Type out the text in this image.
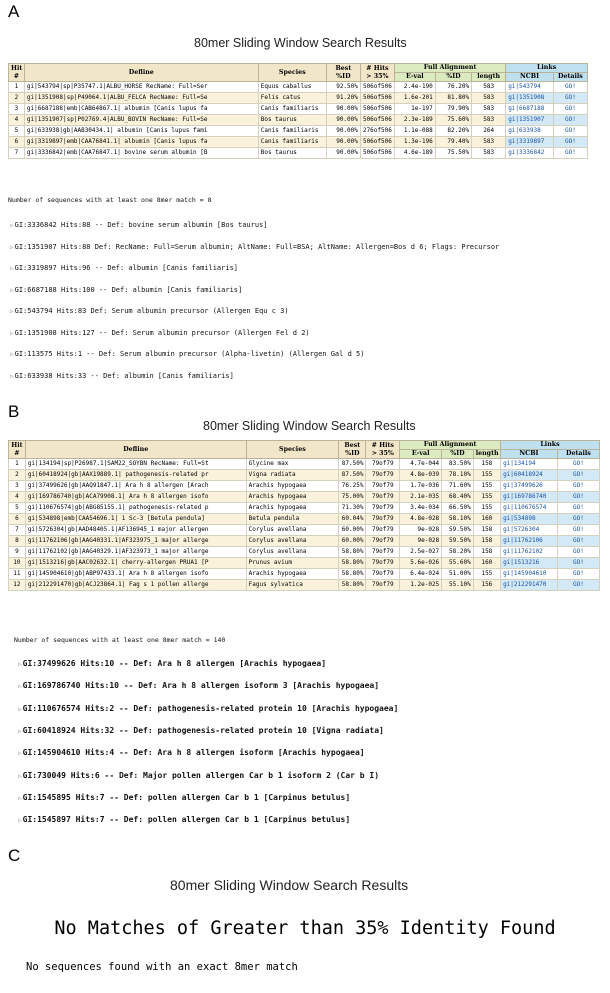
A
80mer Sliding Window Search Results
Hit #	Defline	Species	Best %ID	# Hits > 35%	Full Alignment			Links	
					E-val	%ID	length	NCBI	Details
1	gi|543794|sp|P35747.1|ALBU_HORSE RecName: Full=Ser	Equus caballus	92.50%	506of506	2.4e-190	76.20%	583	gi|543794	GO!
2	gi|1351908|sp|P49064.1|ALBU_FELCA RecName: Full=Se	Felis catus	91.20%	506of506	1.6e-201	81.80%	583	gi|1351908	GO!
3	gi|6687188|emb|CAB64867.1| albumin [Canis lupus fa	Canis familiaris	90.00%	506of506	1e-197	79.90%	583	gi|6687188	GO!
4	gi|1351907|sp|P02769.4|ALBU_BOVIN RecName: Full=Se	Bos taurus	90.00%	506of506	2.3e-189	75.60%	583	gi|1351907	GO!
5	gi|633938|gb|AAB30434.1| albumin [Canis lupus fami	Canis familiaris	90.00%	276of506	1.1e-088	82.20%	264	gi|633938	GO!
6	gi|3319897|emb|CAA76841.1| albumin [Canis lupus fa	Canis familiaris	90.00%	506of506	1.3e-196	79.40%	583	gi|3319897	GO!
7	gi|3336842|emb|CAA76847.1| bovine serum albumin [B	Bos taurus	90.00%	506of506	4.6e-189	75.50%	583	gi|3336842	GO!
Number of sequences with at least one 8mer match = 8
B
80mer Sliding Window Search Results
Hit #	Defline	Species	Best %ID	# Hits > 35%	Full Alignment			Links	
					E-val	%ID	length	NCBI	Details
1	gi|134194|sp|P26987.1|SAM22_SOYBN RecName: Full=St	Glycine max	87.50%	79of79	4.7e-044	83.50%	158	gi|134194	GO!
2	gi|60418924|gb|AAX19889.1| pathogenesis-related pr	Vigna radiata	87.50%	79of79	4.8e-039	78.10%	155	gi|60418924	GO!
3	gi|37499626|gb|AAQ91847.1| Ara h 8 allergen [Arach	Arachis hypogaea	76.25%	79of79	1.7e-036	71.60%	155	gi|37499626	GO!
4	gi|169786740|gb|ACA79908.1| Ara h 8 allergen isofo	Arachis hypogaea	75.00%	79of79	2.1e-035	68.40%	155	gi|169786740	GO!
5	gi|110676574|gb|ABG85155.1| pathogenesis-related p	Arachis hypogaea	71.30%	79of79	3.4e-034	66.50%	155	gi|110676574	GO!
6	gi|534898|emb|CAA54696.1| 1 Sc-3 [Betula pendula]	Betula pendula	60.04%	79of79	4.8e-028	58.10%	160	gi|534898	GO!
7	gi|5726304|gb|AAD48405.1|AF136945_1 major allergen	Corylus avellana	60.00%	79of79	9e-028	59.50%	158	gi|5726304	GO!
8	gi|11762106|gb|AAG40331.1|AF323975_1 major allerge	Corylus avellana	60.00%	79of79	9e-028	59.50%	158	gi|11762106	GO!
9	gi|11762102|gb|AAG40329.1|AF323973_1 major allerge	Corylus avellana	58.80%	79of79	2.5e-027	58.20%	158	gi|11762102	GO!
10	gi|1513216|gb|AAC02632.1| cherry-allergen PRUA1 [P	Prunus avium	58.80%	79of79	5.6e-026	55.60%	160	gi|1513216	GO!
11	gi|145904610|gb|ABP97433.1| Ara h 8 allergen isofo	Arachis hypogaea	58.80%	79of79	6.4e-024	51.00%	155	gi|145904610	GO!
12	gi|212291470|gb|ACJ23864.1| Fag s 1 pollen allerge	Fagus sylvatica	58.80%	79of79	1.2e-025	55.10%	156	gi|212291470	GO!
Number of sequences with at least one 8mer match = 140
C
80mer Sliding Window Search Results
No Matches of Greater than 35% Identity Found
No sequences found with an exact 8mer match
▷GI:3336842 Hits:88 -- Def: bovine serum albumin [Bos taurus]
▷GI:1351907 Hits:88 Def: RecName: Full=Serum albumin; AltName: Full=BSA; AltName: Allergen=Bos d 6; Flags: Precursor
▷GI:3319897 Hits:96 -- Def: albumin [Canis familiaris]
▷GI:6687188 Hits:100 -- Def: albumin [Canis familiaris]
▷GI:543794 Hits:83 Def: Serum albumin precursor (Allergen Equ c 3)
▷GI:1351908 Hits:127 -- Def: Serum albumin precursor (Allergen Fel d 2)
▷GI:113575 Hits:1 -- Def: Serum albumin precursor (Alpha-livetin) (Allergen Gal d 5)
▷GI:633938 Hits:33 -- Def: albumin [Canis familiaris]
▷GI:37499626 Hits:10 -- Def: Ara h 8 allergen [Arachis hypogaea]
▷GI:169786740 Hits:10 -- Def: Ara h 8 allergen isoform 3 [Arachis hypogaea]
▷GI:110676574 Hits:2 -- Def: pathogenesis-related protein 10 [Arachis hypogaea]
▷GI:60418924 Hits:32 -- Def: pathogenesis-related protein 10 [Vigna radiata]
▷GI:145904610 Hits:4 -- Def: Ara h 8 allergen isoform [Arachis hypogaea]
▷GI:730049 Hits:6 -- Def: Major pollen allergen Car b 1 isoform 2 (Car b I)
▷GI:1545895 Hits:7 -- Def: pollen allergen Car b 1 [Carpinus betulus]
▷GI:1545897 Hits:7 -- Def: pollen allergen Car b 1 [Carpinus betulus]
